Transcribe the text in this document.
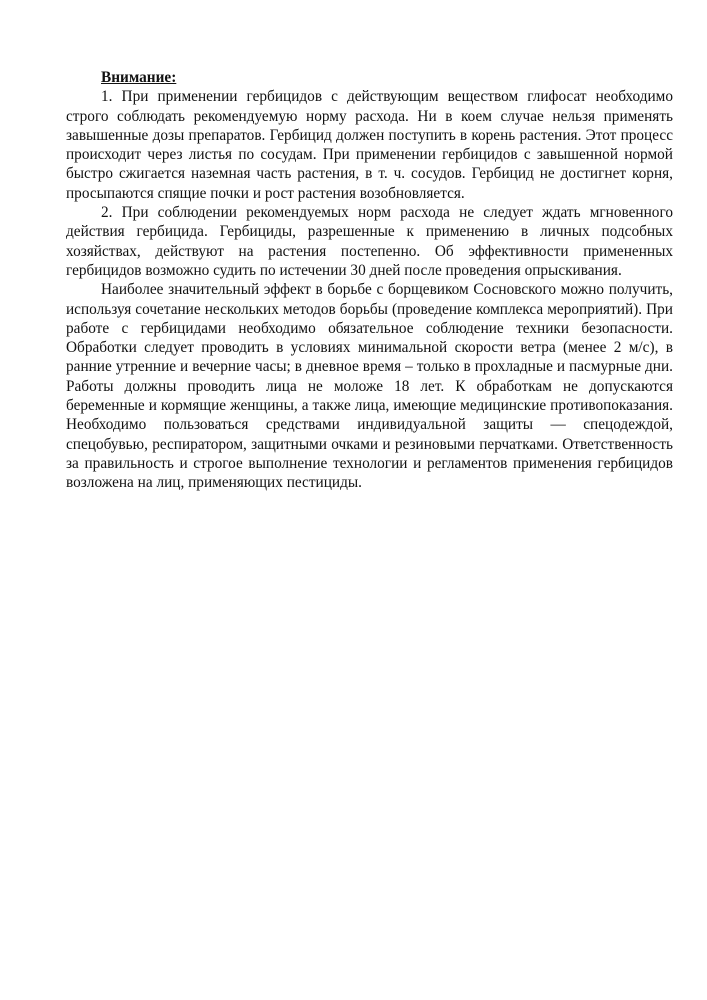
Внимание:

1. При применении гербицидов с действующим веществом глифосат необходимо строго соблюдать рекомендуемую норму расхода. Ни в коем случае нельзя применять завышенные дозы препаратов. Гербицид должен поступить в корень растения. Этот процесс происходит через листья по сосудам. При применении гербицидов с завышенной нормой быстро сжигается наземная часть растения, в т. ч. сосудов. Гербицид не достигнет корня, просыпаются спящие почки и рост растения возобновляется.

2. При соблюдении рекомендуемых норм расхода не следует ждать мгновенного действия гербицида. Гербициды, разрешенные к применению в личных подсобных хозяйствах, действуют на растения постепенно. Об эффективности примененных гербицидов возможно судить по истечении 30 дней после проведения опрыскивания.

Наиболее значительный эффект в борьбе с борщевиком Сосновского можно получить, используя сочетание нескольких методов борьбы (проведение комплекса мероприятий). При работе с гербицидами необходимо обязательное соблюдение техники безопасности. Обработки следует проводить в условиях минимальной скорости ветра (менее 2 м/с), в ранние утренние и вечерние часы; в дневное время – только в прохладные и пасмурные дни. Работы должны проводить лица не моложе 18 лет. К обработкам не допускаются беременные и кормящие женщины, а также лица, имеющие медицинские противопоказания. Необходимо пользоваться средствами индивидуальной защиты — спецодеждой, спецобувью, респиратором, защитными очками и резиновыми перчатками. Ответственность за правильность и строгое выполнение технологии и регламентов применения гербицидов возложена на лиц, применяющих пестициды.
